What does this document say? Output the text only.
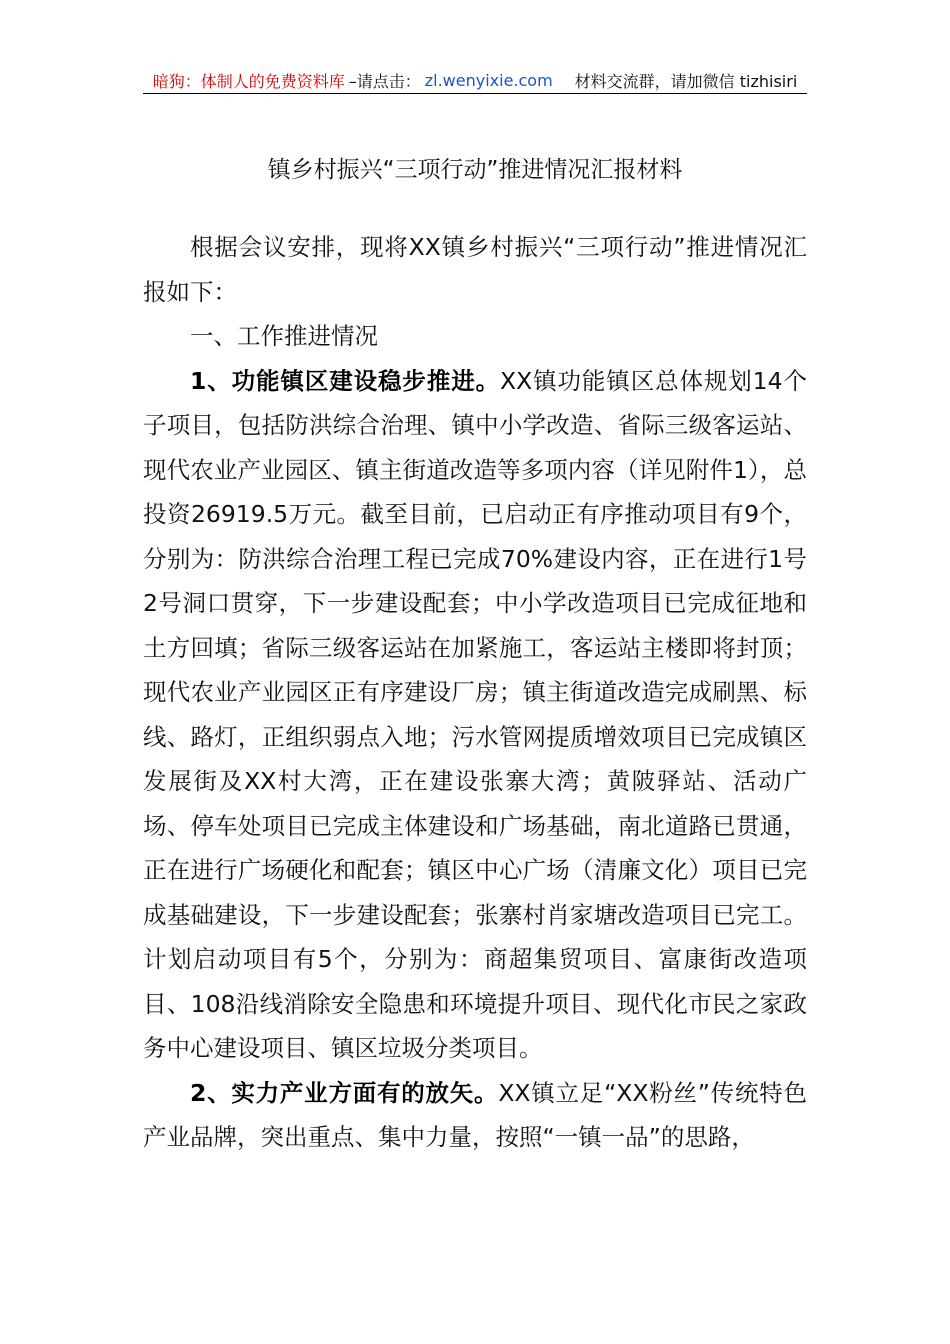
暗狗：体制人的免费资料库 –请点击： zl.wenyixie.com 材料交流群，请加微信 tizhisiri
镇乡村振兴“三项行动”推进情况汇报材料

根据会议安排，现将XX镇乡村振兴“三项行动”推进情况汇报如下：

一、工作推进情况

1、功能镇区建设稳步推进。XX镇功能镇区总体规划14个子项目，包括防洪综合治理、镇中小学改造、省际三级客运站、现代农业产业园区、镇主街道改造等多项内容（详见附件1），总投资26919.5万元。截至目前，已启动正有序推动项目有9个，分别为：防洪综合治理工程已完成70%建设内容，正在进行1号2号洞口贯穿，下一步建设配套；中小学改造项目已完成征地和土方回填；省际三级客运站在加紧施工，客运站主楼即将封顶；现代农业产业园区正有序建设厂房；镇主街道改造完成刷黑、标线、路灯，正组织弱点入地；污水管网提质增效项目已完成镇区发展街及XX村大湾，正在建设张寨大湾；黄陂驿站、活动广场、停车处项目已完成主体建设和广场基础，南北道路已贯通，正在进行广场硬化和配套；镇区中心广场（清廉文化）项目已完成基础建设，下一步建设配套；张寨村肖家塘改造项目已完工。计划启动项目有5个，分别为：商超集贸项目、富康街改造项目、108沿线消除安全隐患和环境提升项目、现代化市民之家政务中心建设项目、镇区垃圾分类项目。

2、实力产业方面有的放矢。XX镇立足“XX粉丝”传统特色产业品牌，突出重点、集中力量，按照“一镇一品”的思路，
